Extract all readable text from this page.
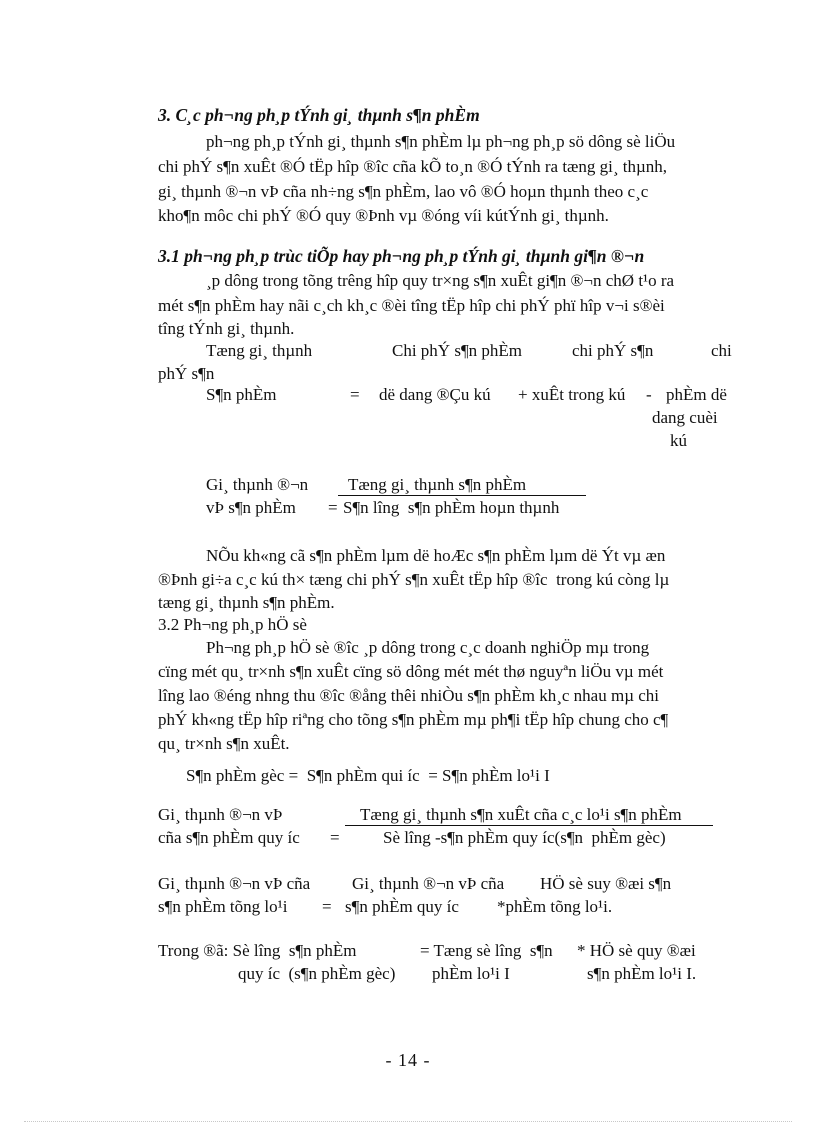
3. C¸c ph¬ng ph¸p tÝnh gi¸ thµnh s¶n phÈm
ph¬ng ph¸p tÝnh gi¸ thµnh s¶n phÈm lµ ph¬ng ph¸p sö dông sè liÖu
chi phÝ s¶n xuÊt ®Ó tËp hîp ®îc cña kÕ to¸n ®Ó tÝnh ra tæng gi¸ thµnh,
gi¸ thµnh ®¬n vÞ cña nh÷ng s¶n phÈm, lao vô ®Ó hoµn thµnh theo c¸c
kho¶n môc chi phÝ ®Ó quy ®Þnh vµ ®óng víi kútÝnh gi¸ thµnh.
3.1 ph¬ng ph¸p trùc tiÕp hay ph¬ng ph¸p tÝnh gi¸ thµnh gi¶n ®¬n
¸p dông trong tõng trêng hîp quy tr×ng s¶n xuÊt gi¶n ®¬n chØ t¹o ra
mét s¶n phÈm hay nãi c¸ch kh¸c ®èi tîng tËp hîp chi phÝ phï hîp v¬i s®èi
tîng tÝnh gi¸ thµnh.
Tæng gi¸ thµnh	Chi phÝ s¶n phÈm	chi phÝ s¶n	chi
phÝ s¶n
S¶n phÈm	= dë dang ®Çu kú + xuÊt trong kú - phÈm dë
dang cuèi
kú
Gi¸ thµnh ®¬n
vÞ s¶n phÈm =
Tæng gi¸ thµnh s¶n phÈm
S¶n lîng  s¶n phÈm hoµn thµnh
NÕu kh«ng cã s¶n phÈm lµm dë hoÆc s¶n phÈm lµm dë Ýt vµ æn
®Þnh gi÷a c¸c kú th× tæng chi phÝ s¶n xuÊt tËp hîp ®îc  trong kú còng lµ
tæng gi¸ thµnh s¶n phÈm.
3.2 Ph¬ng ph¸p hÖ sè
Ph¬ng ph¸p hÖ sè ®îc ¸p dông trong c¸c doanh nghiÖp mµ trong
cïng mét qu¸ tr×nh s¶n xuÊt cïng sö dông mét mét thø nguyªn liÖu vµ mét
lîng lao ®éng nhng thu ®îc ®ång thêi nhiÒu s¶n phÈm kh¸c nhau mµ chi
phÝ kh«ng tËp hîp riªng cho tõng s¶n phÈm mµ ph¶i tËp hîp chung cho c¶
qu¸ tr×nh s¶n xuÊt.
S¶n phÈm gèc =  S¶n phÈm qui íc  = S¶n phÈm lo¹i I
Gi¸ thµnh ®¬n vÞ
cña s¶n phÈm quy íc =
Tæng gi¸ thµnh s¶n xuÊt cña c¸c lo¹i s¶n phÈm
Sè lîng -s¶n phÈm quy íc(s¶n  phÈm gèc)
Gi¸ thµnh ®¬n vÞ cña Gi¸ thµnh ®¬n vÞ cña HÖ sè suy ®æi s¶n
s¶n phÈm tõng lo¹i = s¶n phÈm quy íc *phÈm tõng lo¹i.
Trong ®ã: Sè lîng  s¶n phÈm	= Tæng sè lîng  s¶n * HÖ sè quy ®æi
quy íc  (s¶n phÈm gèc) phÈm lo¹i I	s¶n phÈm lo¹i I.
- 14 -
